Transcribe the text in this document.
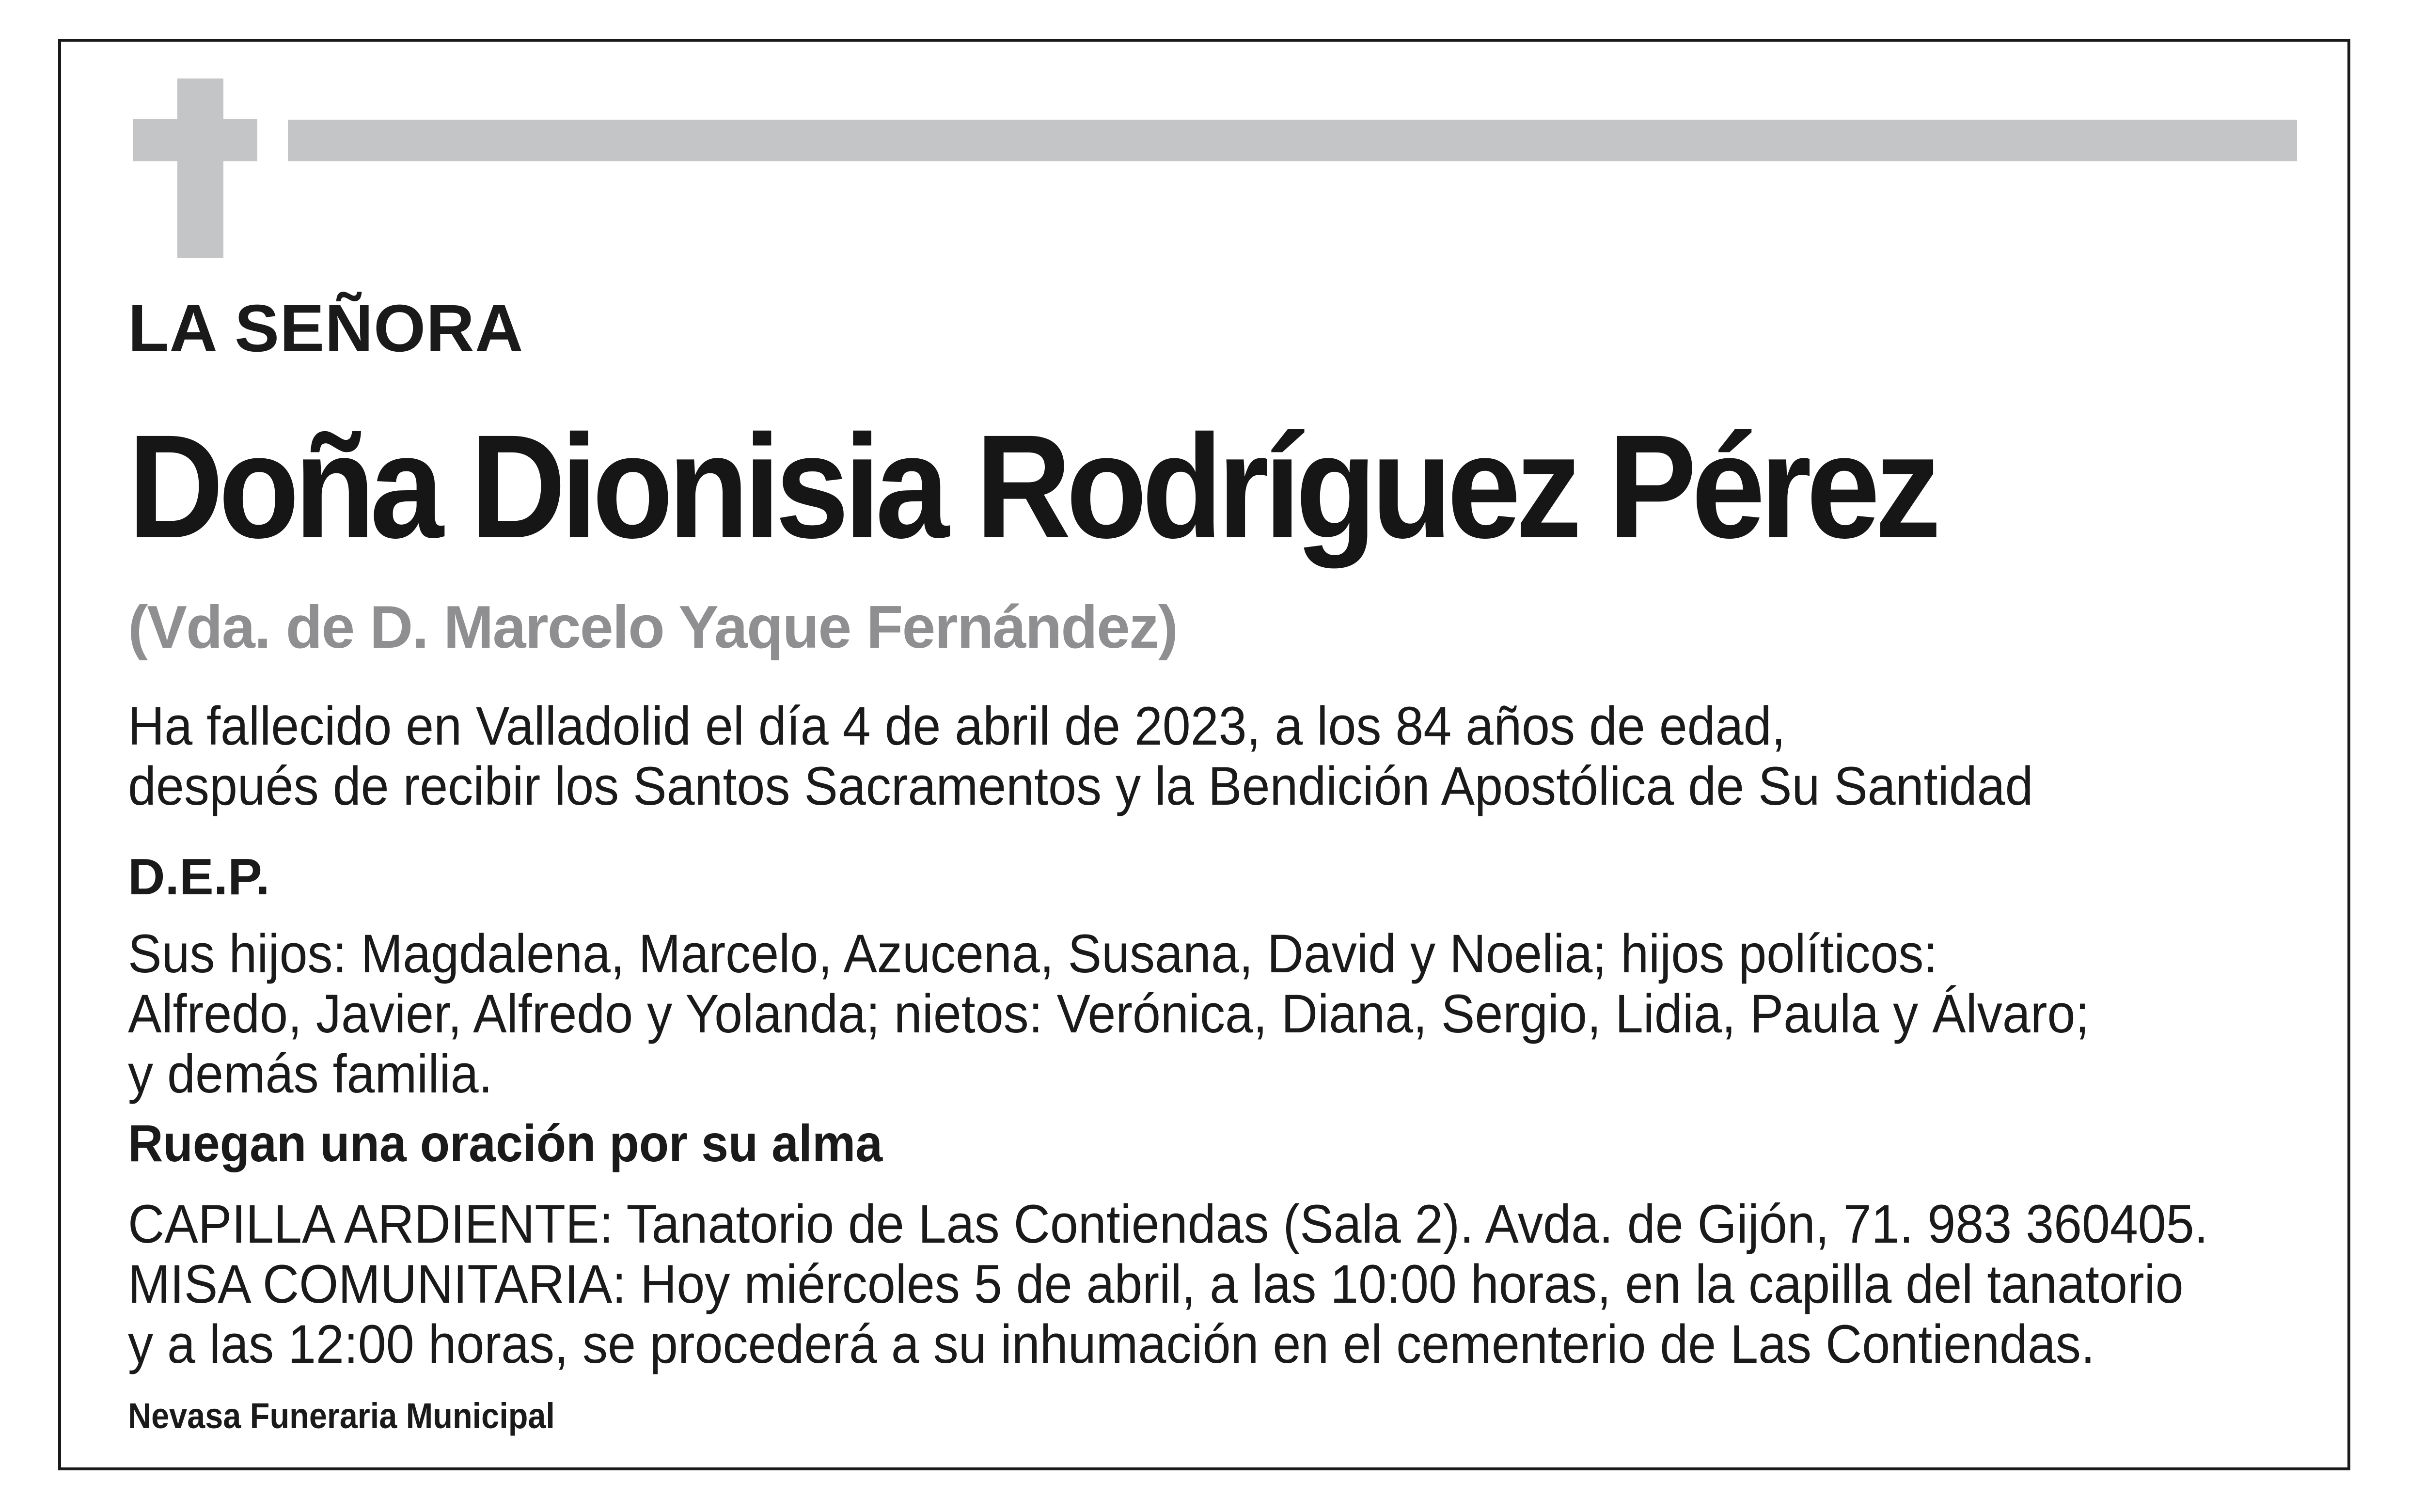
LA SEÑORA

Doña Dionisia Rodríguez Pérez

(Vda. de D. Marcelo Yaque Fernández)

Ha fallecido en Valladolid el día 4 de abril de 2023, a los 84 años de edad,
después de recibir los Santos Sacramentos y la Bendición Apostólica de Su Santidad

D.E.P.

Sus hijos: Magdalena, Marcelo, Azucena, Susana, David y Noelia; hijos políticos:
Alfredo, Javier, Alfredo y Yolanda; nietos: Verónica, Diana, Sergio, Lidia, Paula y Álvaro;
y demás familia.

Ruegan una oración por su alma

CAPILLA ARDIENTE: Tanatorio de Las Contiendas (Sala 2). Avda. de Gijón, 71. 983 360405.
MISA COMUNITARIA: Hoy miércoles 5 de abril, a las 10:00 horas, en la capilla del tanatorio
y a las 12:00 horas, se procederá a su inhumación en el cementerio de Las Contiendas.

Nevasa Funeraria Municipal
